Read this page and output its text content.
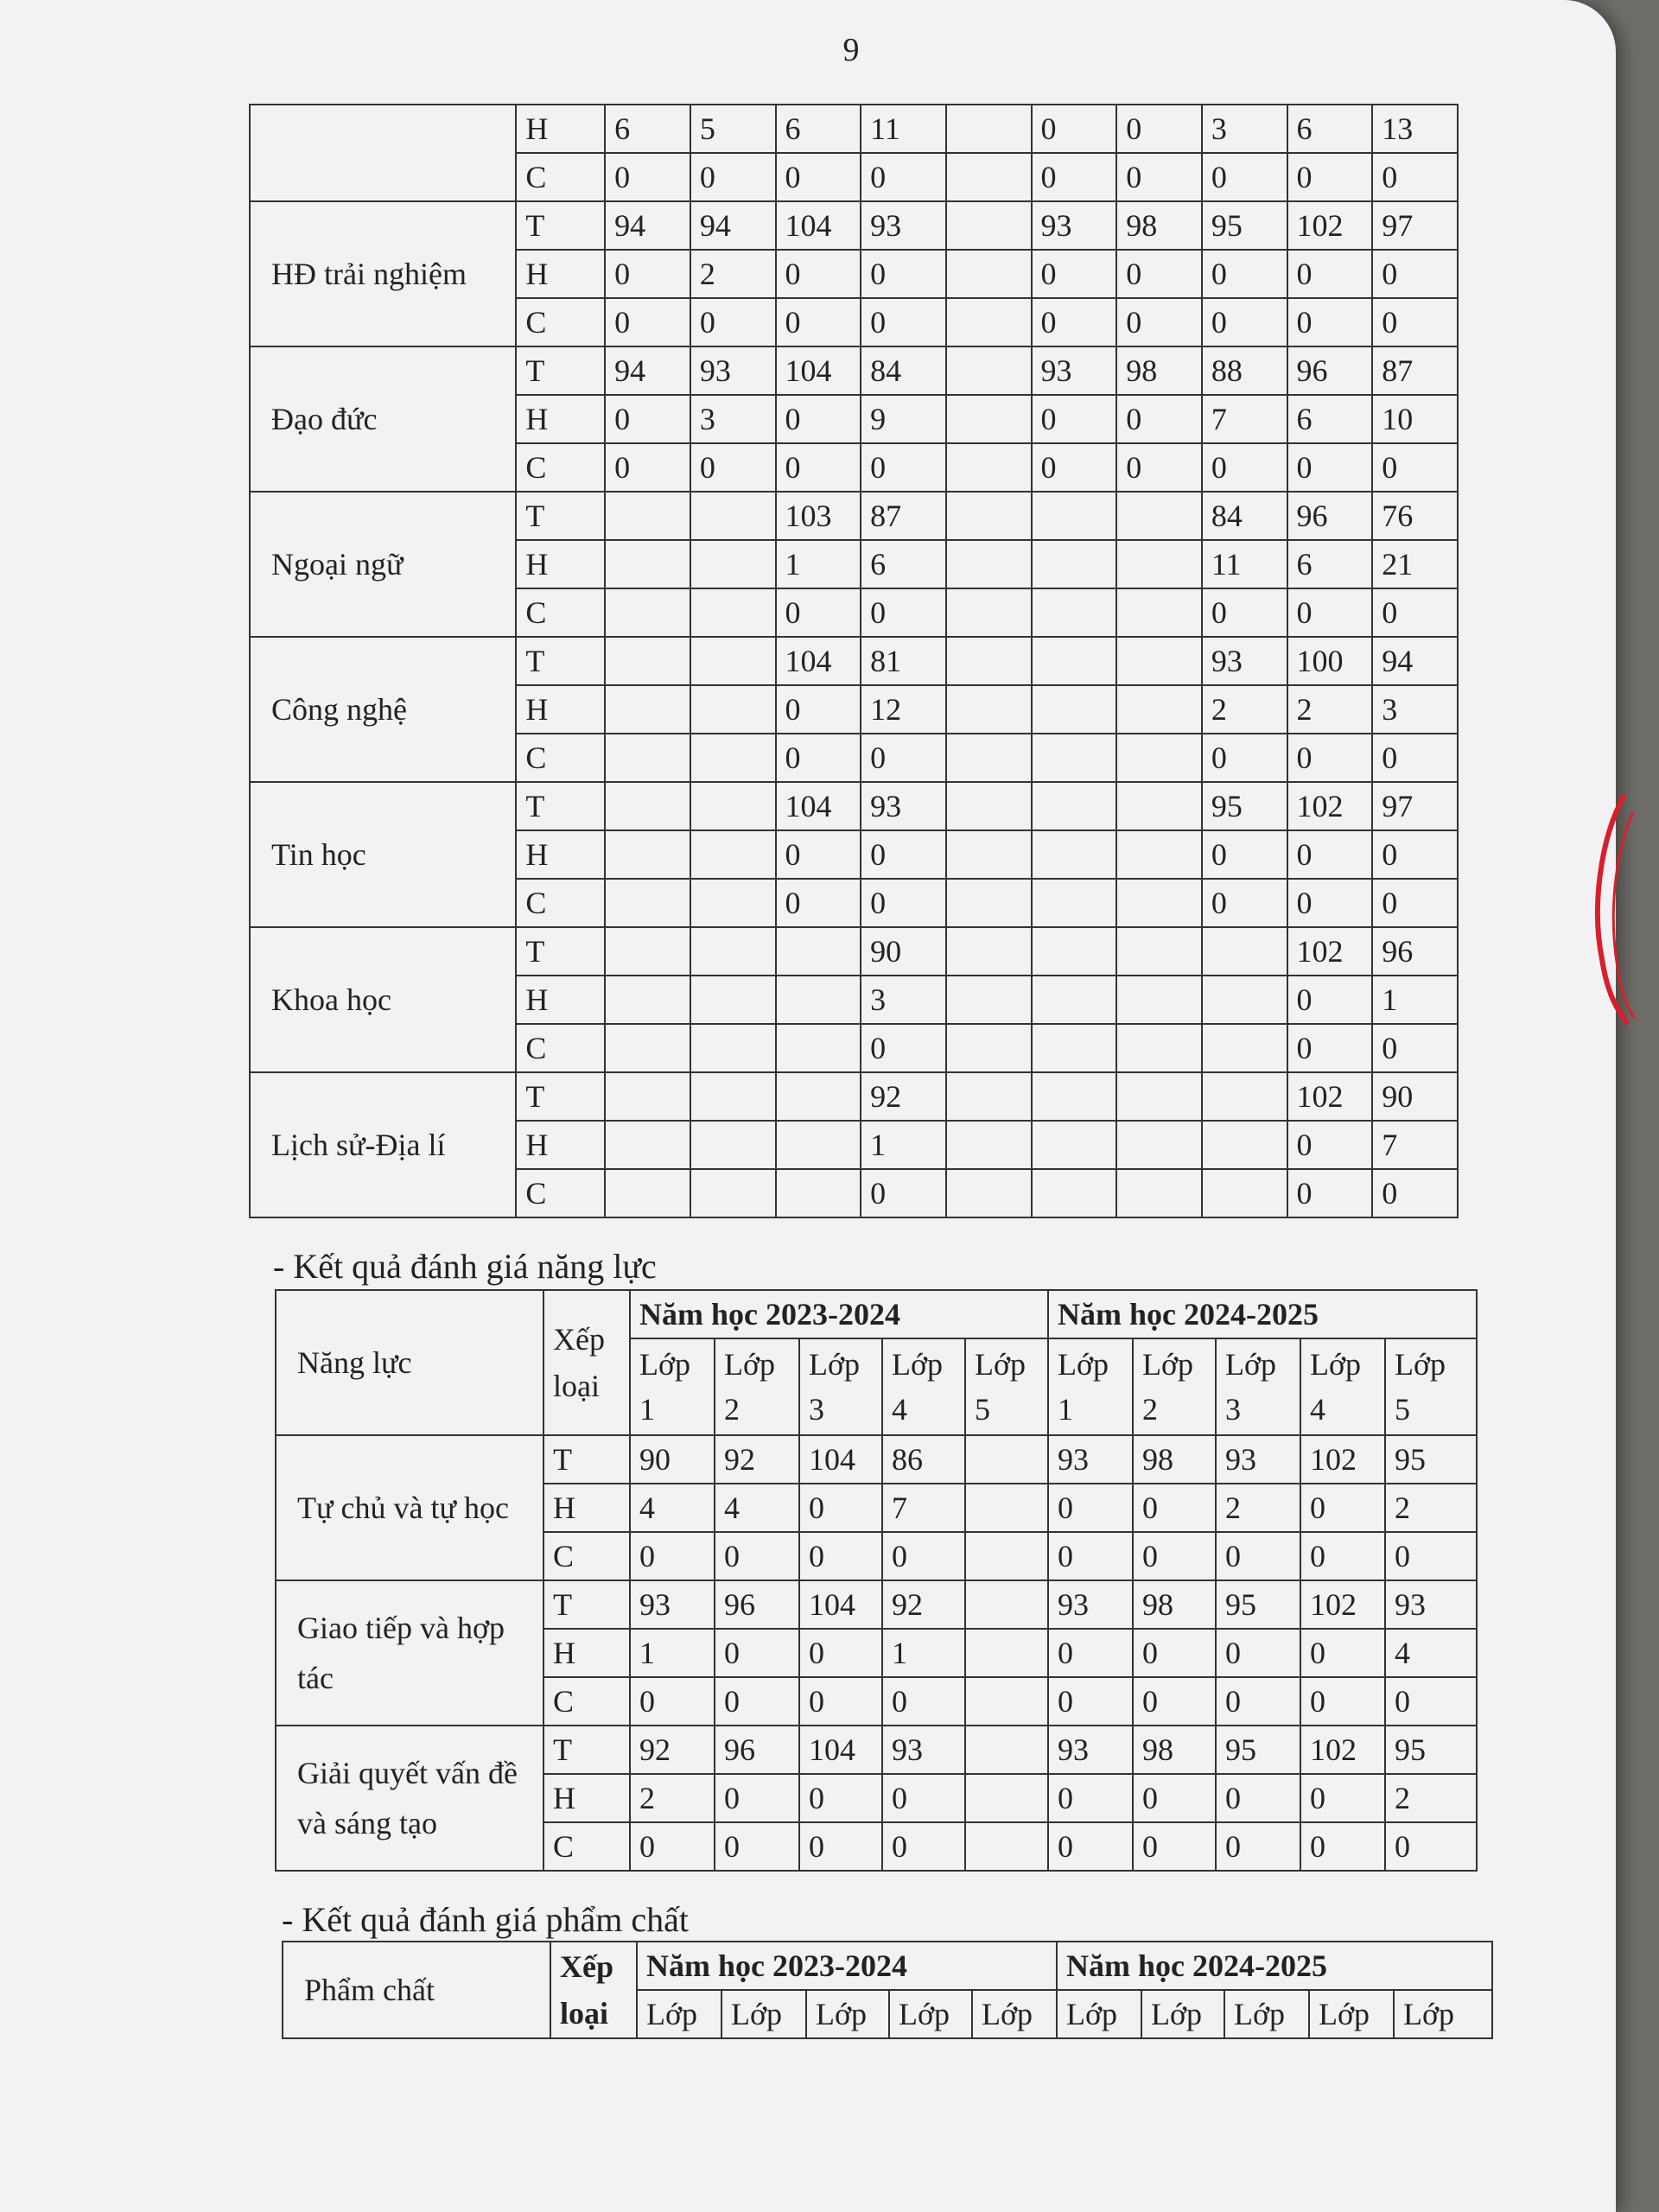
9
	H	6	5	6	11		0	0	3	6	13
	C	0	0	0	0		0	0	0	0	0
HĐ trải nghiệm	T	94	94	104	93		93	98	95	102	97
	H	0	2	0	0		0	0	0	0	0
	C	0	0	0	0		0	0	0	0	0
Đạo đức	T	94	93	104	84		93	98	88	96	87
	H	0	3	0	9		0	0	7	6	10
	C	0	0	0	0		0	0	0	0	0
Ngoại ngữ	T			103	87				84	96	76
	H			1	6				11	6	21
	C			0	0				0	0	0
Công nghệ	T			104	81				93	100	94
	H			0	12				2	2	3
	C			0	0				0	0	0
Tin học	T			104	93				95	102	97
	H			0	0				0	0	0
	C			0	0				0	0	0
Khoa học	T				90					102	96
	H				3					0	1
	C				0					0	0
Lịch sử-Địa lí	T				92					102	90
	H				1					0	7
	C				0					0	0
- Kết quả đánh giá năng lực
Năng lực	Xếp loại	Năm học 2023-2024					Năm học 2024-2025				
		Lớp 1	Lớp 2	Lớp 3	Lớp 4	Lớp 5	Lớp 1	Lớp 2	Lớp 3	Lớp 4	Lớp 5
Tự chủ và tự học	T	90	92	104	86		93	98	93	102	95
	H	4	4	0	7		0	0	2	0	2
	C	0	0	0	0		0	0	0	0	0
Giao tiếp và hợp tác	T	93	96	104	92		93	98	95	102	93
	H	1	0	0	1		0	0	0	0	4
	C	0	0	0	0		0	0	0	0	0
Giải quyết vấn đề và sáng tạo	T	92	96	104	93		93	98	95	102	95
	H	2	0	0	0		0	0	0	0	2
	C	0	0	0	0		0	0	0	0	0
- Kết quả đánh giá phẩm chất
Phẩm chất	Xếp loại	Năm học 2023-2024					Năm học 2024-2025				
		Lớp	Lớp	Lớp	Lớp	Lớp	Lớp	Lớp	Lớp	Lớp	Lớp
